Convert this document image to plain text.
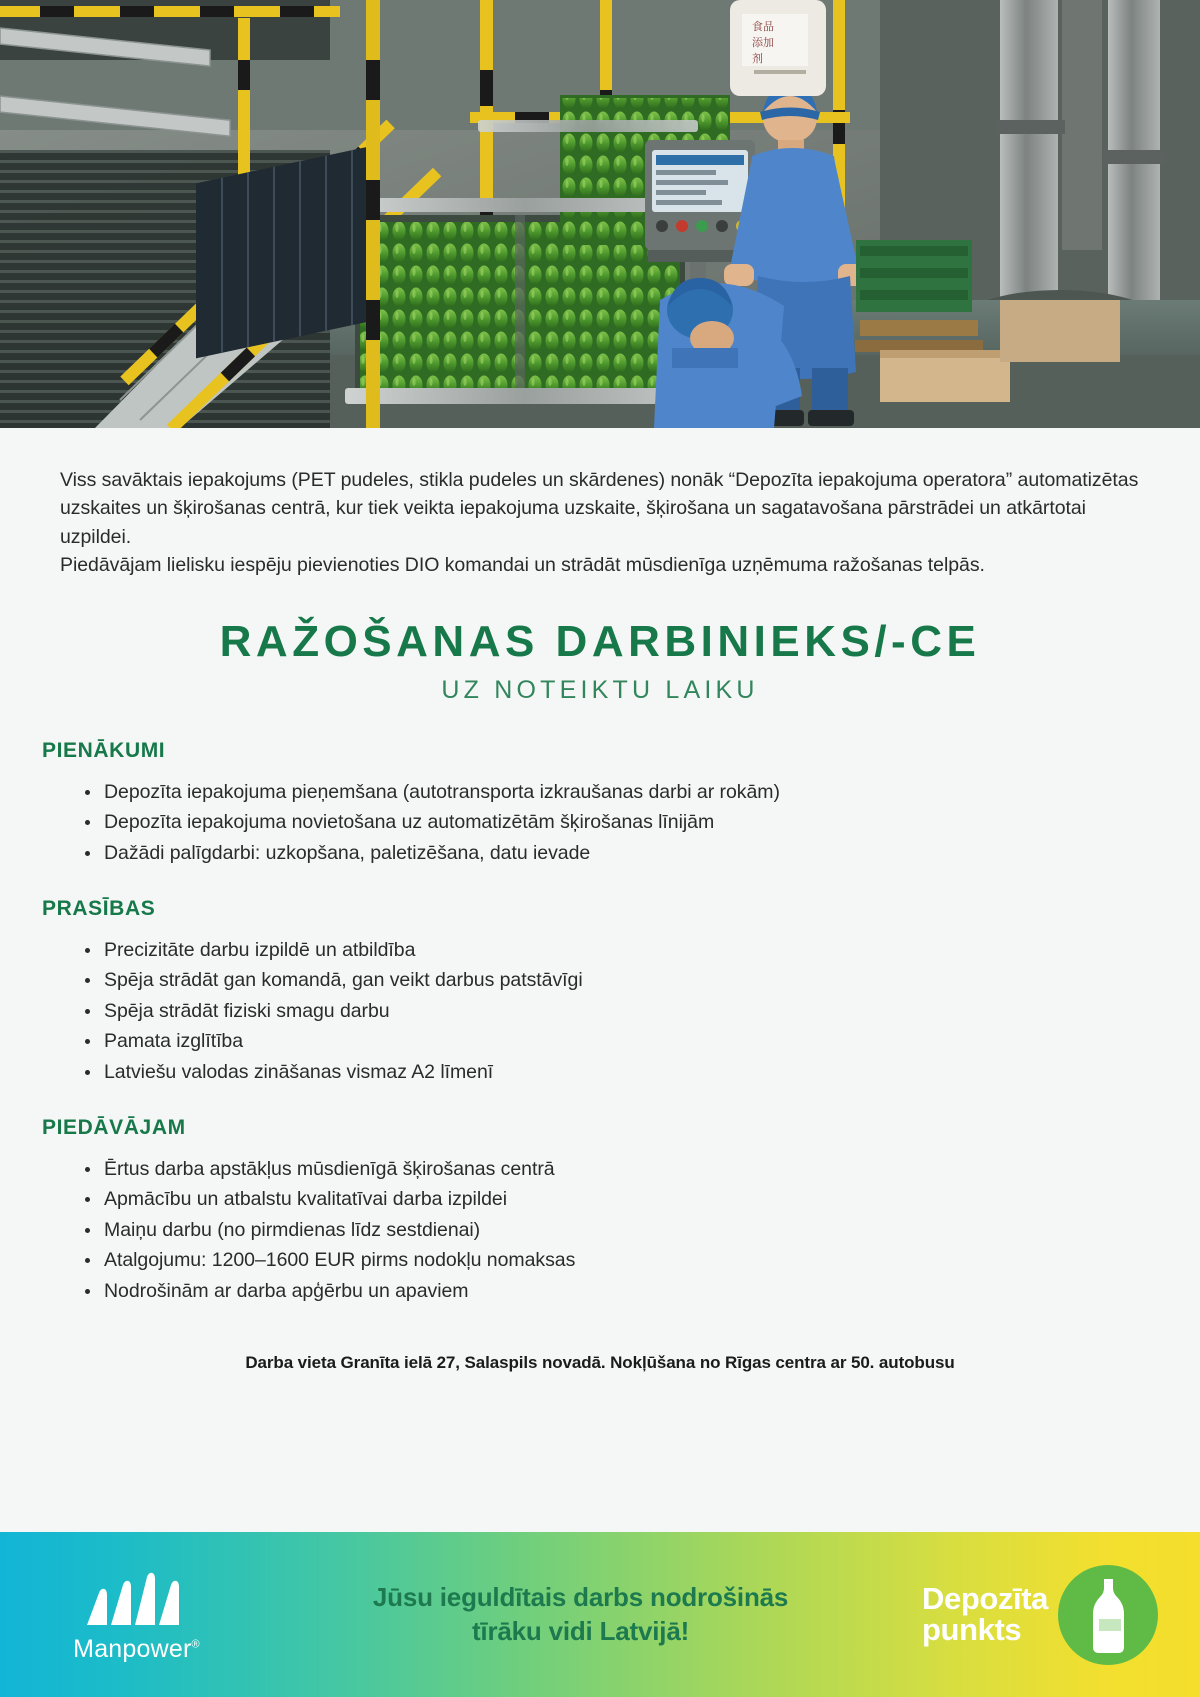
食品
添加
剂

Viss savāktais iepakojums (PET pudeles, stikla pudeles un skārdenes) nonāk “Depozīta iepakojuma operatora” automatizētas uzskaites un šķirošanas centrā, kur tiek veikta iepakojuma uzskaite, šķirošana un sagatavošana pārstrādei un atkārtotai uzpildei.

Piedāvājam lielisku iespēju pievienoties DIO komandai un strādāt mūsdienīga uzņēmuma ražošanas telpās.

RAŽOŠANAS DARBINIEKS/-CE
UZ NOTEIKTU LAIKU
PIENĀKUMI
Depozīta iepakojuma pieņemšana (autotransporta izkraušanas darbi ar rokām)
Depozīta iepakojuma novietošana uz automatizētām šķirošanas līnijām
Dažādi palīgdarbi: uzkopšana, paletizēšana, datu ievade
PRASĪBAS
Precizitāte darbu izpildē un atbildība
Spēja strādāt gan komandā, gan veikt darbus patstāvīgi
Spēja strādāt fiziski smagu darbu
Pamata izglītība
Latviešu valodas zināšanas vismaz A2 līmenī
PIEDĀVĀJAM
Ērtus darba apstākļus mūsdienīgā šķirošanas centrā
Apmācību un atbalstu kvalitatīvai darba izpildei
Maiņu darbu (no pirmdienas līdz sestdienai)
Atalgojumu: 1200–1600 EUR pirms nodokļu nomaksas
Nodrošinām ar darba apģērbu un apaviem
Darba vieta Granīta ielā 27, Salaspils novadā. Nokļūšana no Rīgas centra ar 50. autobusu
Manpower®
Jūsu ieguldītais darbs nodrošinās
tīrāku vidi Latvijā!
Depozīta
punkts
